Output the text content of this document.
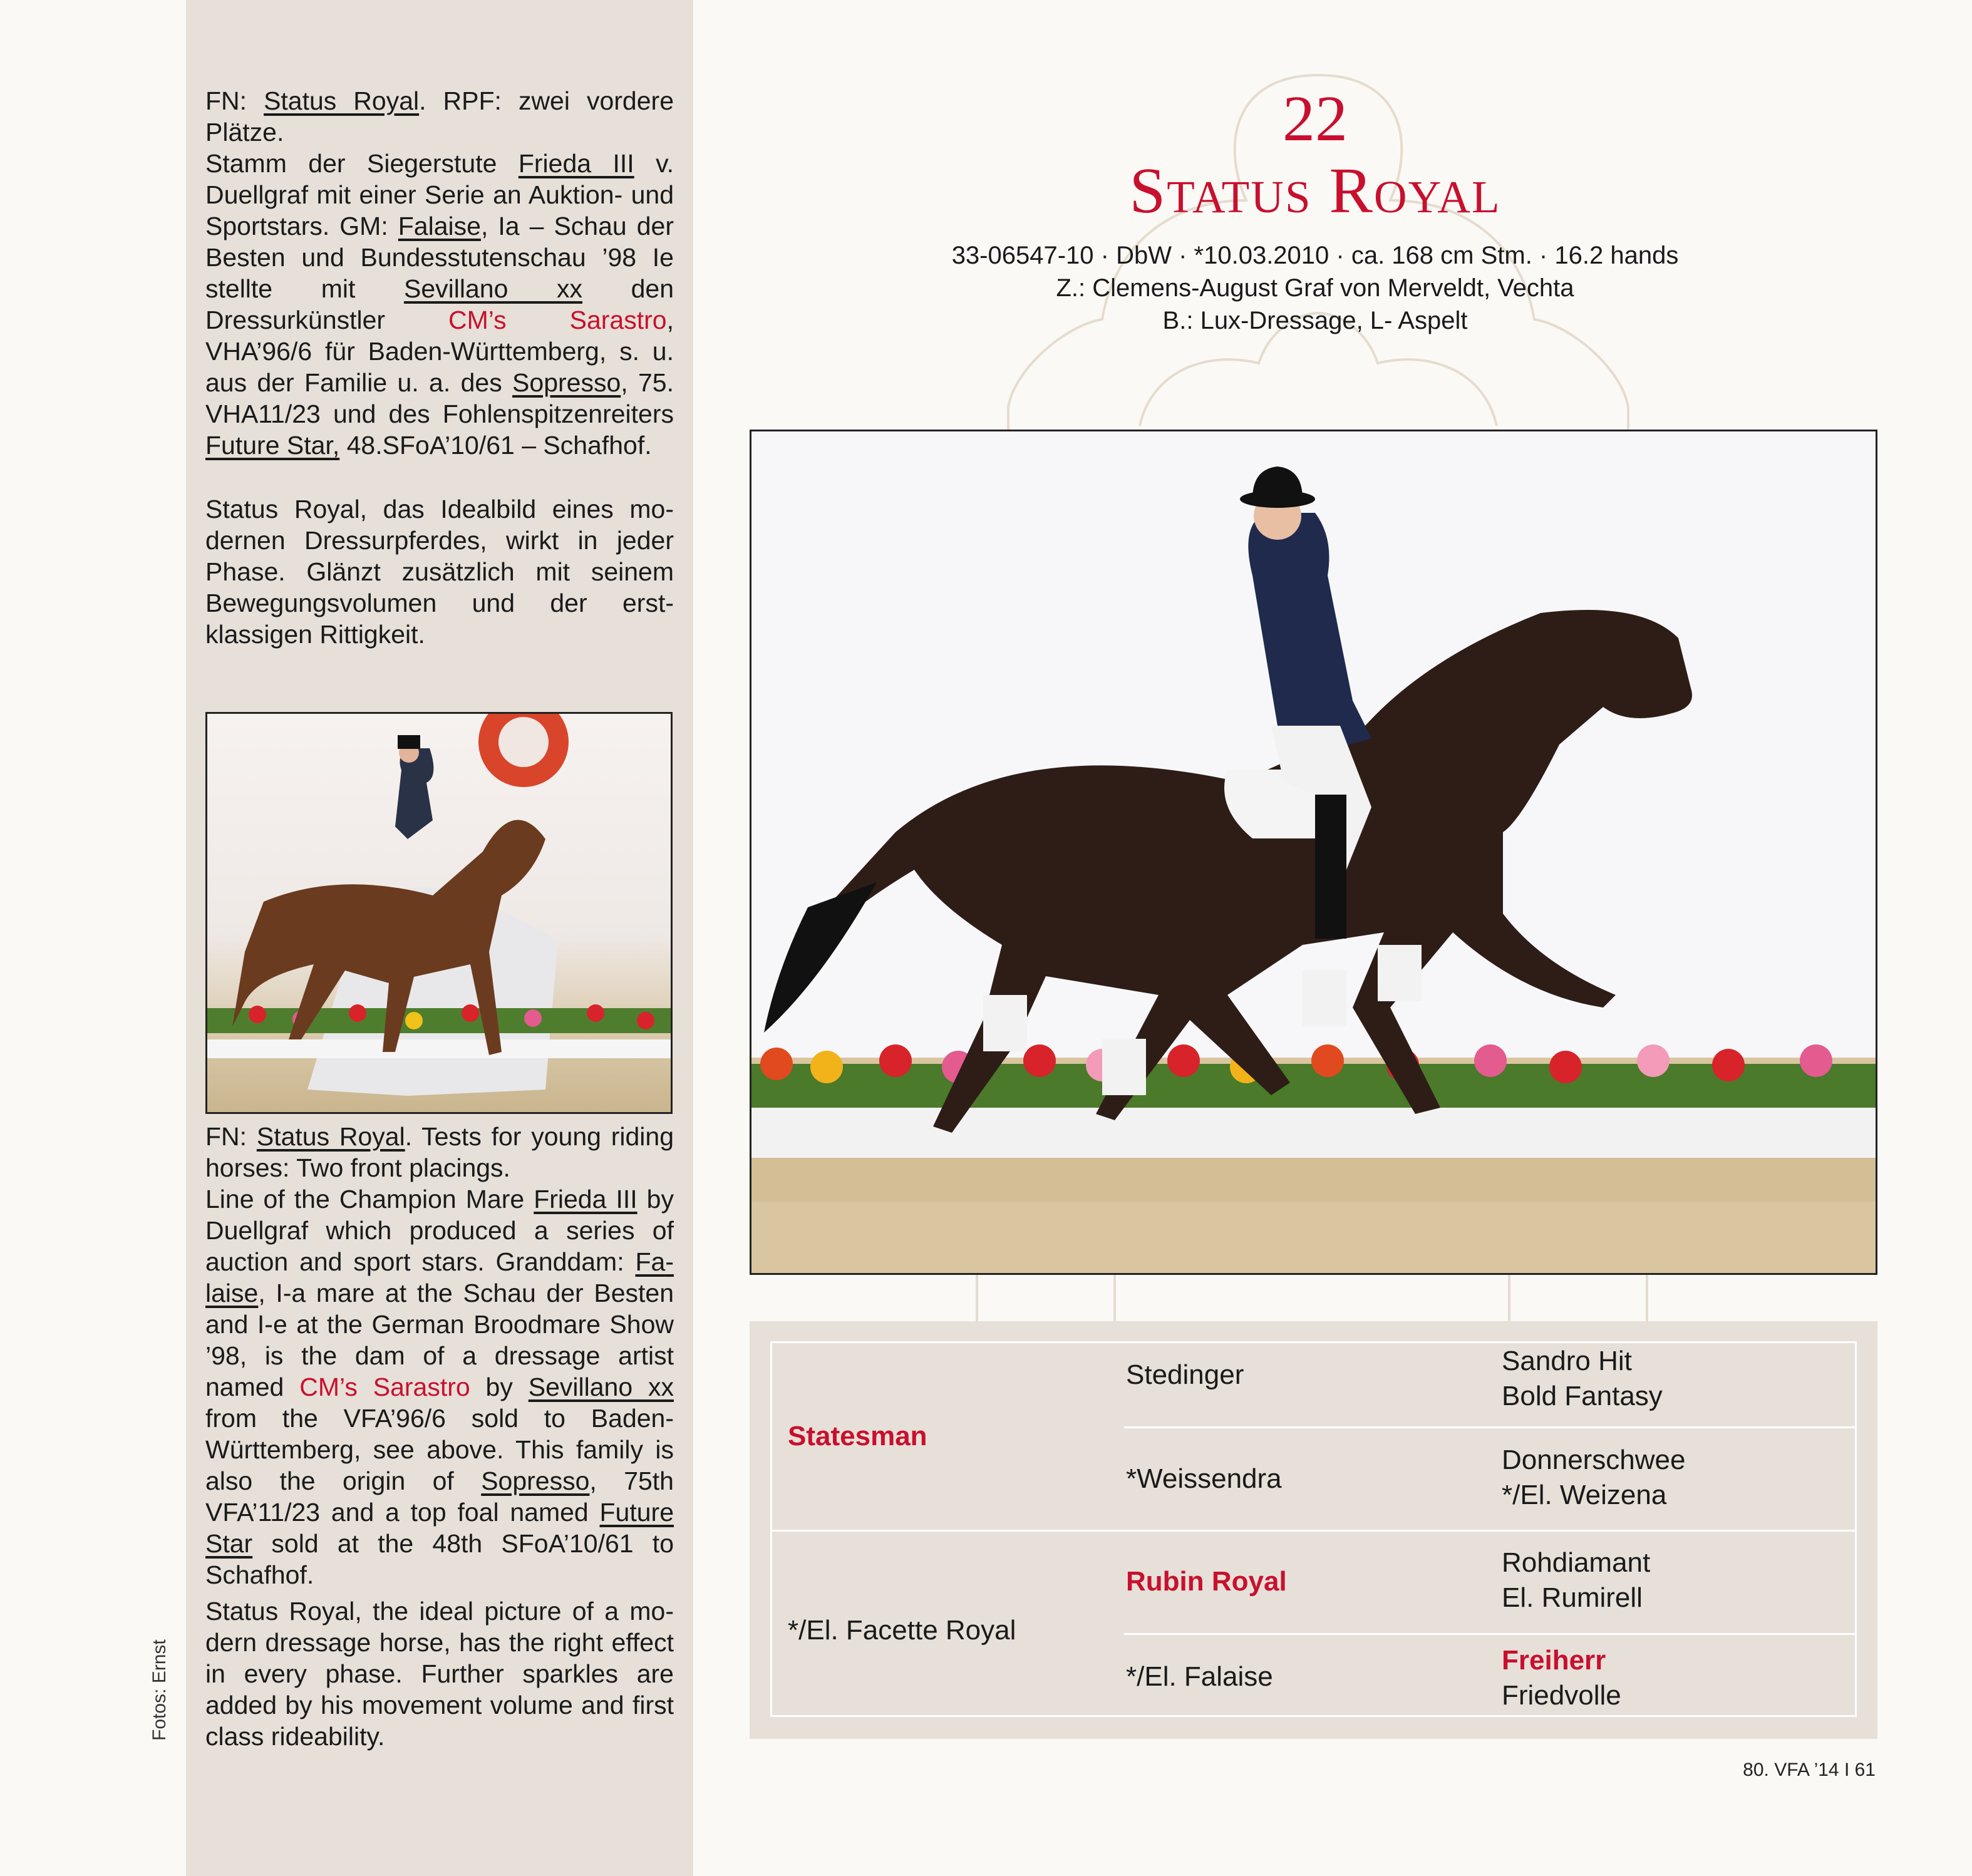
FN: Status Royal. RPF: zwei vordere Plätze.

Stamm der Siegerstute Frieda III v. Duellgraf mit einer Serie an Auktion- und Sportstars. GM: Falaise, Ia – Schau der Besten und Bundesstutenschau ’98 Ie stellte mit Sevillano xx den Dressurkünstler CM’s Sarastro, VHA’96/6 für Baden-Württemberg, s. u. aus der Familie u. a. des Sopresso, 75. VHA11/23 und des Fohlenspitzenreiters Future Star, 48.SFoA’10/61 – Schafhof.

Status Royal, das Idealbild eines modernen Dressurpferdes, wirkt in jeder Phase. Glänzt zusätzlich mit seinem Bewegungsvolumen und der erstklassigen Rittigkeit.

FN: Status Royal. Tests for young riding horses: Two front placings.

Line of the Champion Mare Frieda III by Duellgraf which produced a series of auction and sport stars. Granddam: Falaise, I-a mare at the Schau der Besten and I-e at the German Broodmare Show ’98, is the dam of a dressage artist named CM’s Sarastro by Sevillano xx from the VFA’96/6 sold to Baden-Württemberg, see above. This family is also the origin of Sopresso, 75th VFA’11/23 and a top foal named Future Star sold at the 48th SFoA’10/61 to Schafhof.

Status Royal, the ideal picture of a modern dressage horse, has the right effect in every phase. Further sparkles are added by his movement volume and first class rideability.

Fotos: Ernst
22
Status Royal
33-06547-10 · DbW · *10.03.2010 · ca. 168 cm Stm. · 16.2 hands
Z.: Clemens-August Graf von Merveldt, Vechta
B.: Lux-Dressage, L- Aspelt
Statesman
*/El. Facette Royal
Stedinger
*Weissendra
Rubin Royal
*/El. Falaise
Sandro Hit
Bold Fantasy
Donnerschwee
*/El. Weizena
Rohdiamant
El. Rumirell
Freiherr
Friedvolle
80. VFA ’14 I 61
